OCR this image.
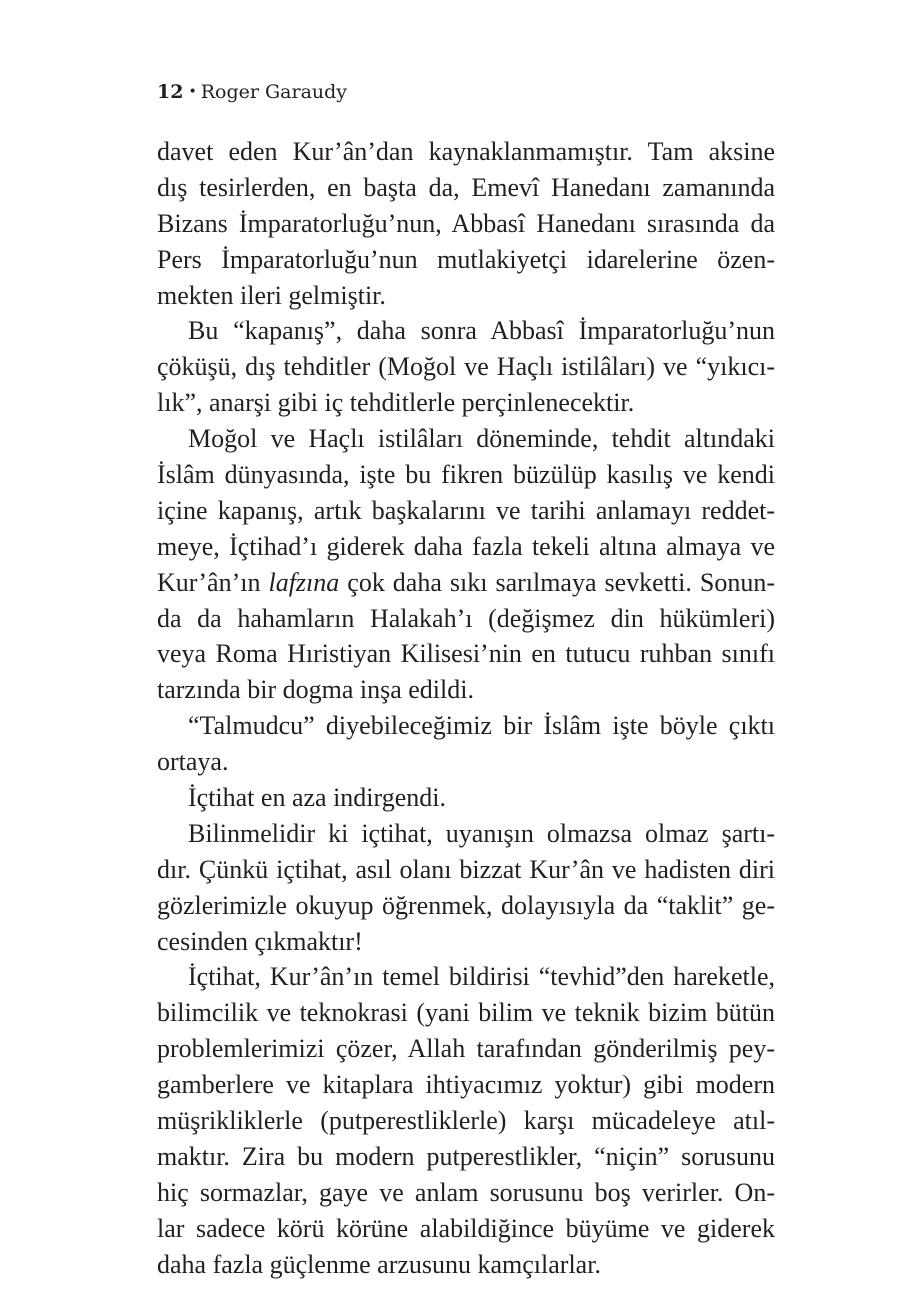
12 • Roger Garaudy
davet eden Kur’ân’dan kaynaklanmamıştır. Tam aksine
dış tesirlerden, en başta da, Emevî Hanedanı zamanında
Bizans İmparatorluğu’nun, Abbasî Hanedanı sırasında da
Pers İmparatorluğu’nun mutlakiyetçi idarelerine özen-
mekten ileri gelmiştir.
Bu “kapanış”, daha sonra Abbasî İmparatorluğu’nun
çöküşü, dış tehditler (Moğol ve Haçlı istilâları) ve “yıkıcı-
lık”, anarşi gibi iç tehditlerle perçinlenecektir.
Moğol ve Haçlı istilâları döneminde, tehdit altındaki
İslâm dünyasında, işte bu fikren büzülüp kasılış ve kendi
içine kapanış, artık başkalarını ve tarihi anlamayı reddet-
meye, İçtihad’ı giderek daha fazla tekeli altına almaya ve
Kur’ân’ın lafzına çok daha sıkı sarılmaya sevketti. Sonun-
da da hahamların Halakah’ı (değişmez din hükümleri)
veya Roma Hıristiyan Kilisesi’nin en tutucu ruhban sınıfı
tarzında bir dogma inşa edildi.
“Talmudcu” diyebileceğimiz bir İslâm işte böyle çıktı
ortaya.
İçtihat en aza indirgendi.
Bilinmelidir ki içtihat, uyanışın olmazsa olmaz şartı-
dır. Çünkü içtihat, asıl olanı bizzat Kur’ân ve hadisten diri
gözlerimizle okuyup öğrenmek, dolayısıyla da “taklit” ge-
cesinden çıkmaktır!
İçtihat, Kur’ân’ın temel bildirisi “tevhid”den hareketle,
bilimcilik ve teknokrasi (yani bilim ve teknik bizim bütün
problemlerimizi çözer, Allah tarafından gönderilmiş pey-
gamberlere ve kitaplara ihtiyacımız yoktur) gibi modern
müşrikliklerle (putperestliklerle) karşı mücadeleye atıl-
maktır. Zira bu modern putperestlikler, “niçin” sorusunu
hiç sormazlar, gaye ve anlam sorusunu boş verirler. On-
lar sadece körü körüne alabildiğince büyüme ve giderek
daha fazla güçlenme arzusunu kamçılarlar.
